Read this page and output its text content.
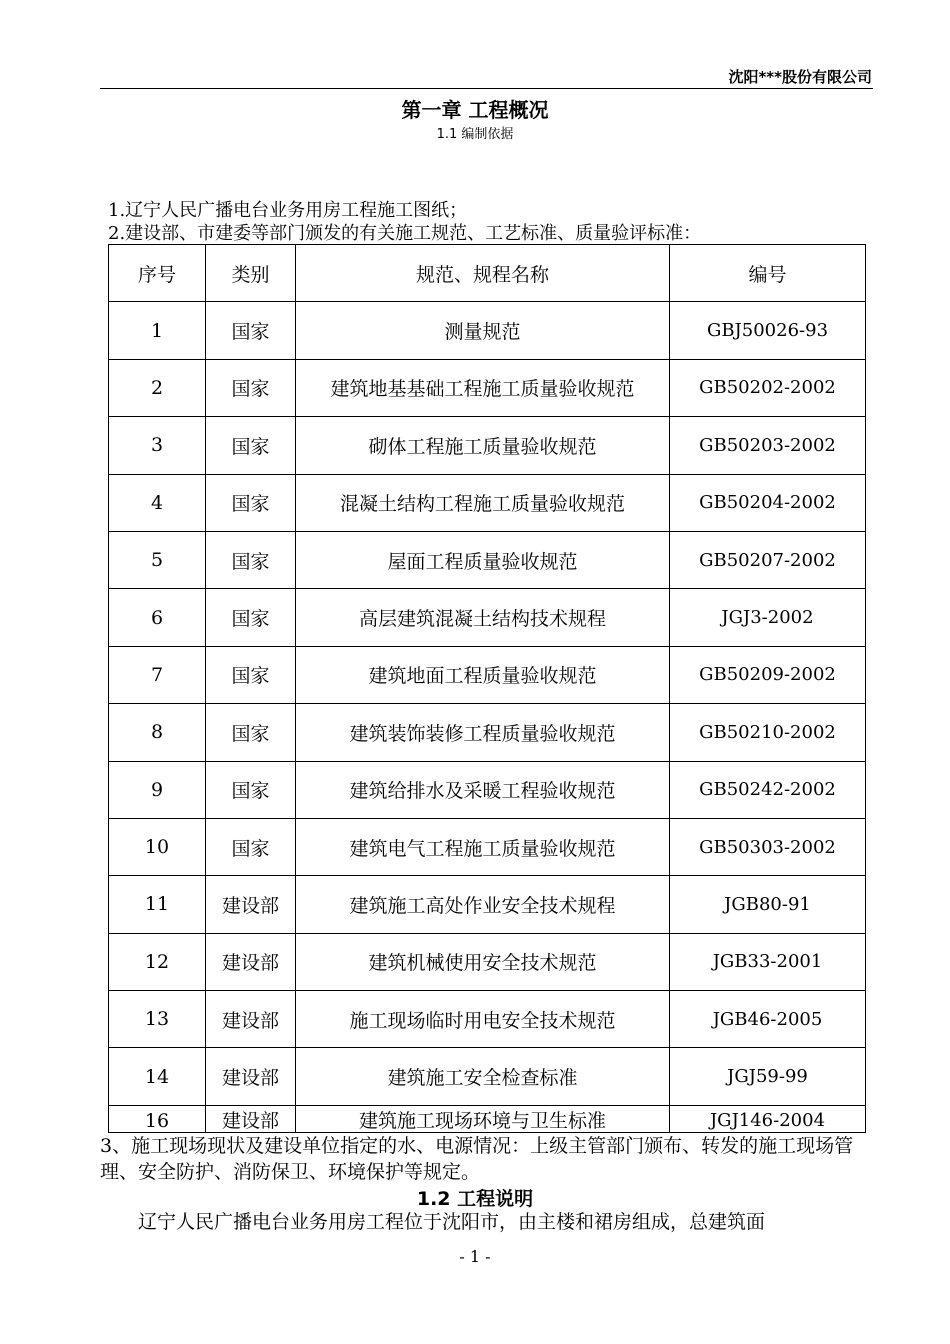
沈阳***股份有限公司
第一章 工程概况
1.1 编制依据
1.辽宁人民广播电台业务用房工程施工图纸；
2.建设部、市建委等部门颁发的有关施工规范、工艺标准、质量验评标准：
序号	类别	规范、规程名称	编号
1	国家	测量规范	GBJ50026-93
2	国家	建筑地基基础工程施工质量验收规范	GB50202-2002
3	国家	砌体工程施工质量验收规范	GB50203-2002
4	国家	混凝土结构工程施工质量验收规范	GB50204-2002
5	国家	屋面工程质量验收规范	GB50207-2002
6	国家	高层建筑混凝土结构技术规程	JGJ3-2002
7	国家	建筑地面工程质量验收规范	GB50209-2002
8	国家	建筑装饰装修工程质量验收规范	GB50210-2002
9	国家	建筑给排水及采暖工程验收规范	GB50242-2002
10	国家	建筑电气工程施工质量验收规范	GB50303-2002
11	建设部	建筑施工高处作业安全技术规程	JGB80-91
12	建设部	建筑机械使用安全技术规范	JGB33-2001
13	建设部	施工现场临时用电安全技术规范	JGB46-2005
14	建设部	建筑施工安全检查标准	JGJ59-99
16	建设部	建筑施工现场环境与卫生标准	JGJ146-2004
3、施工现场现状及建设单位指定的水、电源情况：上级主管部门颁布、转发的施工现场管理、安全防护、消防保卫、环境保护等规定。
1.2 工程说明
辽宁人民广播电台业务用房工程位于沈阳市，由主楼和裙房组成，总建筑面
- 1 -
